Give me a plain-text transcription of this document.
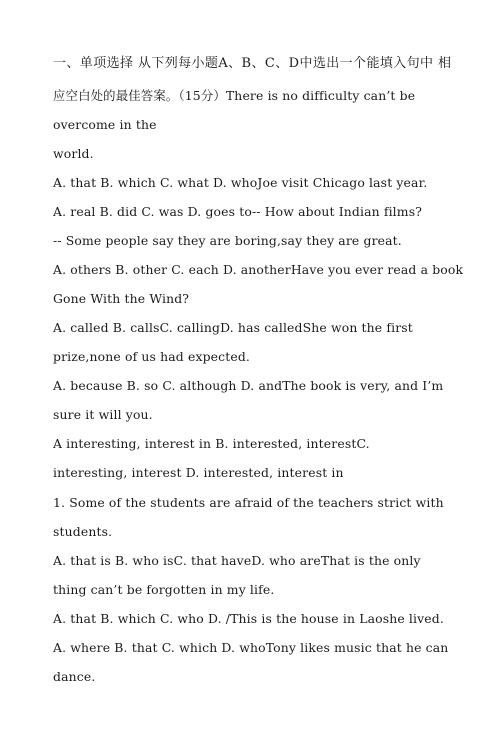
一、单项选择 从下列每小题A、B、C、D中选出一个能填入句中 相
应空白处的最佳答案。（15分）There is no difficulty can’t be
overcome in the
world.
A. that B. which C. what D. whoJoe visit Chicago last year.
A. real B. did C. was D. goes to-- How about Indian films?
-- Some people say they are boring,say they are great.
A. others B. other C. each D. anotherHave you ever read a book
Gone With the Wind?
A. called B. callsC. callingD. has calledShe won the first
prize,none of us had expected.
A. because B. so C. although D. andThe book is very, and I’m
sure it will you.
A interesting, interest in B. interested, interestC.
interesting, interest D. interested, interest in
1. Some of the students are afraid of the teachers strict with
students.
A. that is B. who isC. that haveD. who areThat is the only
thing can’t be forgotten in my life.
A. that B. which C. who D. /This is the house in Laoshe lived.
A. where B. that C. which D. whoTony likes music that he can
dance.
